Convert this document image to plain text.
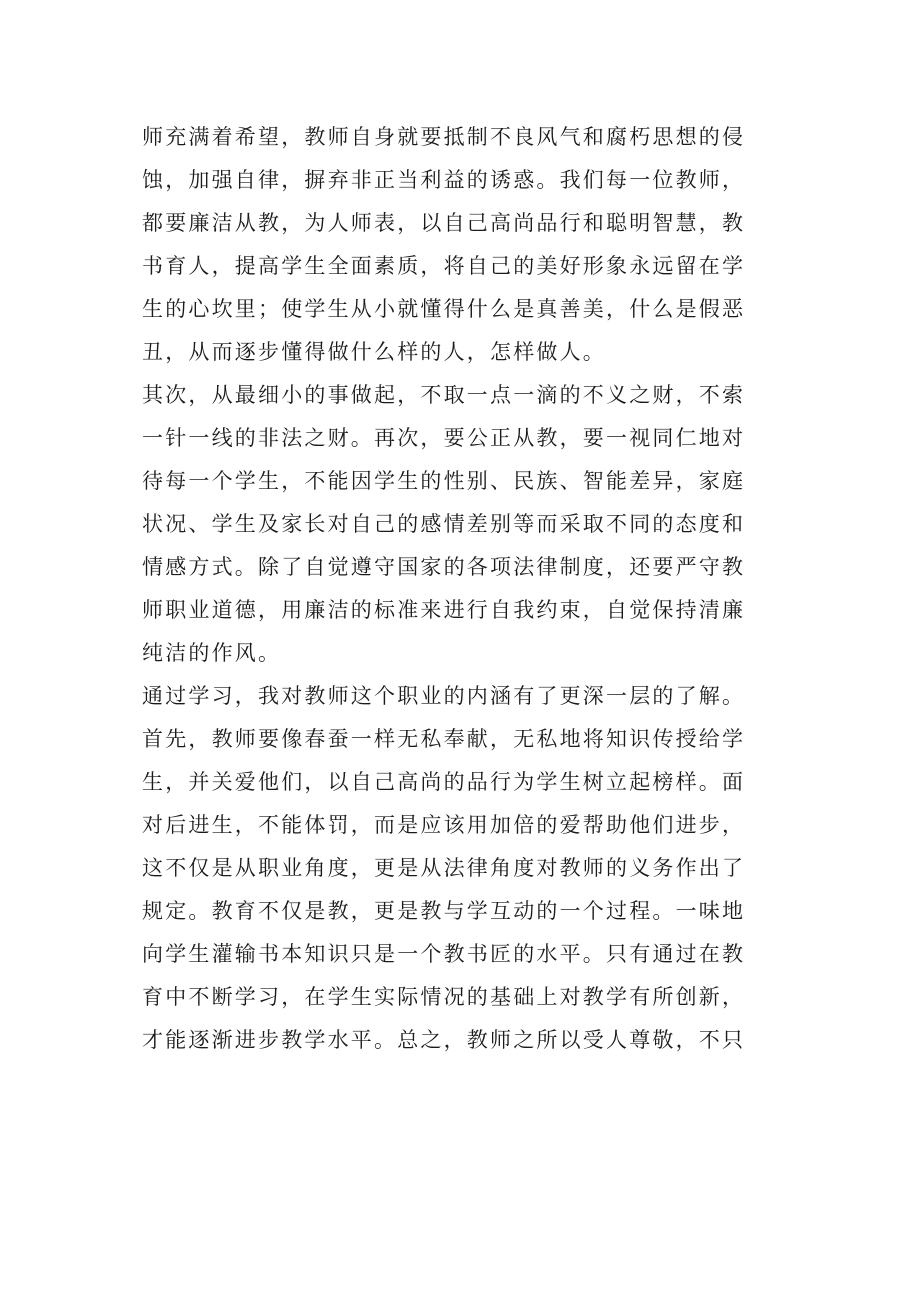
师充满着希望，教师自身就要抵制不良风气和腐朽思想的侵
蚀，加强自律，摒弃非正当利益的诱惑。我们每一位教师，
都要廉洁从教，为人师表，以自己高尚品行和聪明智慧，教
书育人，提高学生全面素质，将自己的美好形象永远留在学
生的心坎里；使学生从小就懂得什么是真善美，什么是假恶
丑，从而逐步懂得做什么样的人，怎样做人。
其次，从最细小的事做起，不取一点一滴的不义之财，不索
一针一线的非法之财。再次，要公正从教，要一视同仁地对
待每一个学生，不能因学生的性别、民族、智能差异，家庭
状况、学生及家长对自己的感情差别等而采取不同的态度和
情感方式。除了自觉遵守国家的各项法律制度，还要严守教
师职业道德，用廉洁的标准来进行自我约束，自觉保持清廉
纯洁的作风。
通过学习，我对教师这个职业的内涵有了更深一层的了解。
首先，教师要像春蚕一样无私奉献，无私地将知识传授给学
生，并关爱他们，以自己高尚的品行为学生树立起榜样。面
对后进生，不能体罚，而是应该用加倍的爱帮助他们进步，
这不仅是从职业角度，更是从法律角度对教师的义务作出了
规定。教育不仅是教，更是教与学互动的一个过程。一味地
向学生灌输书本知识只是一个教书匠的水平。只有通过在教
育中不断学习，在学生实际情况的基础上对教学有所创新，
才能逐渐进步教学水平。总之，教师之所以受人尊敬，不只
